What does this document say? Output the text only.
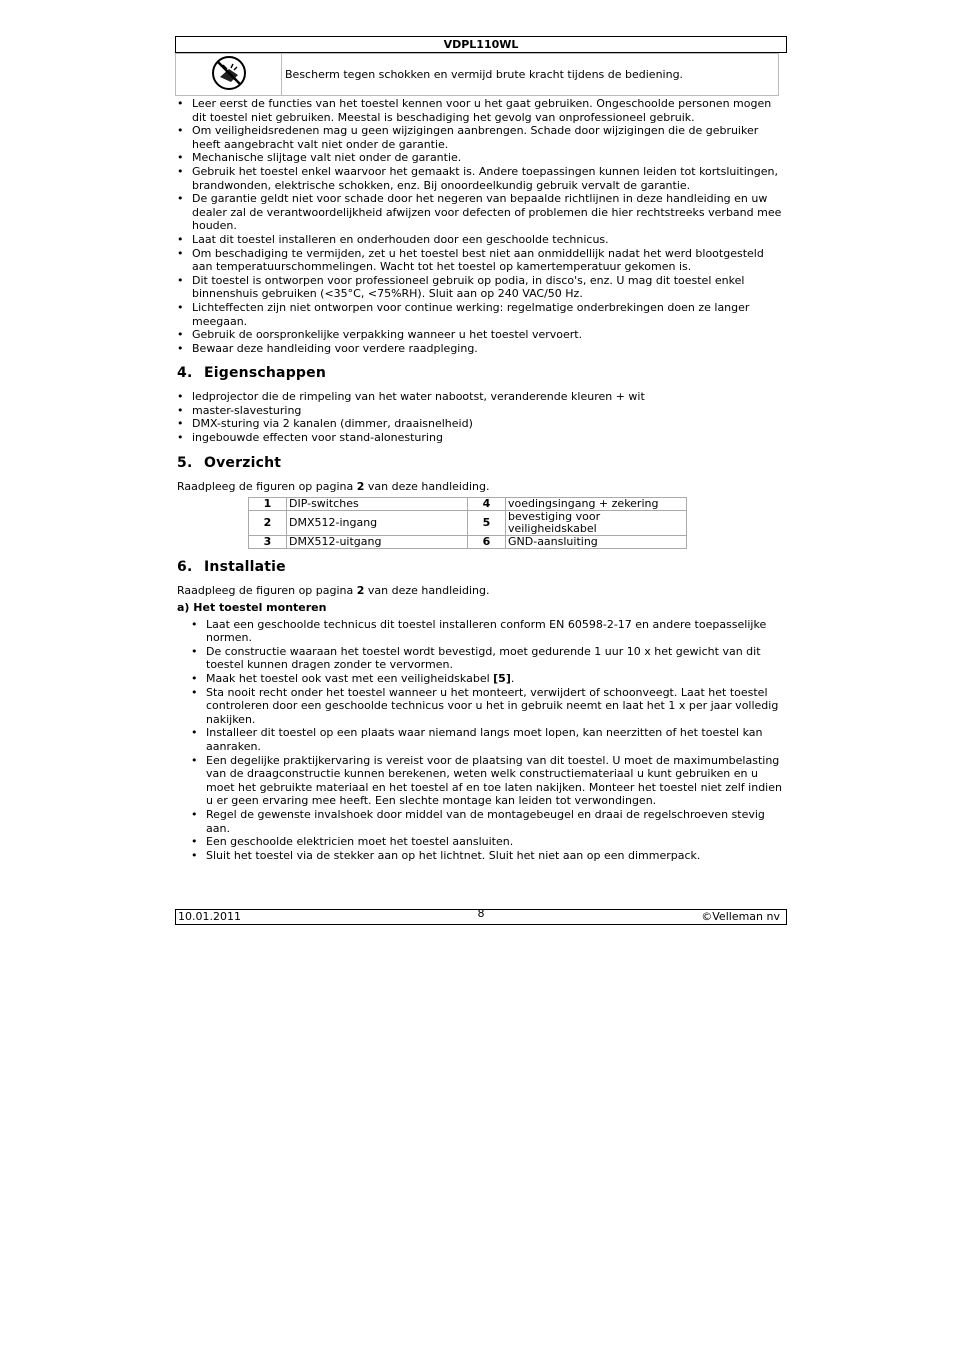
VDPL110WL
	Bescherm tegen schokken en vermijd brute kracht tijdens de bediening.
• Leer eerst de functies van het toestel kennen voor u het gaat gebruiken. Ongeschoolde personen mogen dit toestel niet gebruiken. Meestal is beschadiging het gevolg van onprofessioneel gebruik.
• Om veiligheidsredenen mag u geen wijzigingen aanbrengen. Schade door wijzigingen die de gebruiker heeft aangebracht valt niet onder de garantie.
• Mechanische slijtage valt niet onder de garantie.
• Gebruik het toestel enkel waarvoor het gemaakt is. Andere toepassingen kunnen leiden tot kortsluitingen, brandwonden, elektrische schokken, enz. Bij onoordeelkundig gebruik vervalt de garantie.
• De garantie geldt niet voor schade door het negeren van bepaalde richtlijnen in deze handleiding en uw dealer zal de verantwoordelijkheid afwijzen voor defecten of problemen die hier rechtstreeks verband mee houden.
• Laat dit toestel installeren en onderhouden door een geschoolde technicus.
• Om beschadiging te vermijden, zet u het toestel best niet aan onmiddellijk nadat het werd blootgesteld aan temperatuurschommelingen. Wacht tot het toestel op kamertemperatuur gekomen is.
• Dit toestel is ontworpen voor professioneel gebruik op podia, in disco's, enz. U mag dit toestel enkel binnenshuis gebruiken (<35°C, <75%RH). Sluit aan op 240 VAC/50 Hz.
• Lichteffecten zijn niet ontworpen voor continue werking: regelmatige onderbrekingen doen ze langer meegaan.
• Gebruik de oorspronkelijke verpakking wanneer u het toestel vervoert.
• Bewaar deze handleiding voor verdere raadpleging.
4. Eigenschappen
• ledprojector die de rimpeling van het water nabootst, veranderende kleuren + wit
• master-slavesturing
• DMX-sturing via 2 kanalen (dimmer, draaisnelheid)
• ingebouwde effecten voor stand-alonesturing
5. Overzicht

Raadpleeg de figuren op pagina 2 van deze handleiding.

1	DIP-switches	4	voedingsingang + zekering
2	DMX512-ingang	5	bevestiging voor veiligheidskabel
3	DMX512-uitgang	6	GND-aansluiting
6. Installatie

Raadpleeg de figuren op pagina 2 van deze handleiding.

a) Het toestel monteren

• Laat een geschoolde technicus dit toestel installeren conform EN 60598-2-17 en andere toepasselijke normen.
• De constructie waaraan het toestel wordt bevestigd, moet gedurende 1 uur 10 x het gewicht van dit toestel kunnen dragen zonder te vervormen.
• Maak het toestel ook vast met een veiligheidskabel [5].
• Sta nooit recht onder het toestel wanneer u het monteert, verwijdert of schoonveegt. Laat het toestel controleren door een geschoolde technicus voor u het in gebruik neemt en laat het 1 x per jaar volledig nakijken.
• Installeer dit toestel op een plaats waar niemand langs moet lopen, kan neerzitten of het toestel kan aanraken.
• Een degelijke praktijkervaring is vereist voor de plaatsing van dit toestel. U moet de maximumbelasting van de draagconstructie kunnen berekenen, weten welk constructiemateriaal u kunt gebruiken en u moet het gebruikte materiaal en het toestel af en toe laten nakijken. Monteer het toestel niet zelf indien u er geen ervaring mee heeft. Een slechte montage kan leiden tot verwondingen.
• Regel de gewenste invalshoek door middel van de montagebeugel en draai de regelschroeven stevig aan.
• Een geschoolde elektricien moet het toestel aansluiten.
• Sluit het toestel via de stekker aan op het lichtnet. Sluit het niet aan op een dimmerpack.
10.01.2011	8	©Velleman nv
